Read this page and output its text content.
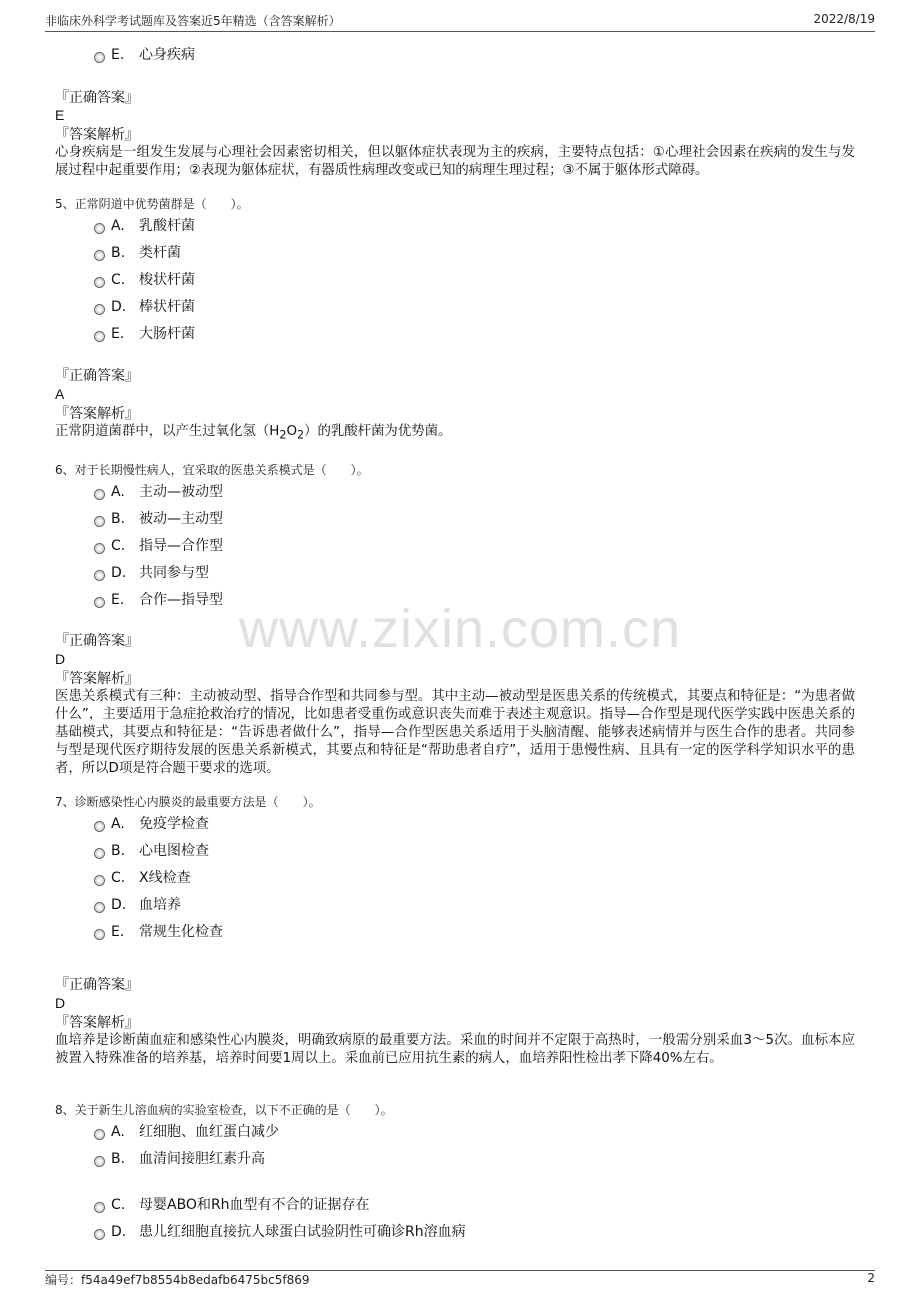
非临床外科学考试题库及答案近5年精选（含答案解析）	2022/8/19
www.zixin.com.cn
E. 心身疾病
『正确答案』
E
『答案解析』
心身疾病是一组发生发展与心理社会因素密切相关，但以躯体症状表现为主的疾病，主要特点包括：①心理社会因素在疾病的发生与发展过程中起重要作用；②表现为躯体症状，有器质性病理改变或已知的病理生理过程；③不属于躯体形式障碍。
5、正常阴道中优势菌群是（　　）。
A. 乳酸杆菌
B. 类杆菌
C. 梭状杆菌
D. 棒状杆菌
E. 大肠杆菌
『正确答案』
A
『答案解析』
正常阴道菌群中，以产生过氧化氢$(H_2O_2)$的乳酸杆菌为优势菌。
6、对于长期慢性病人，宜采取的医患关系模式是（　　）。
A. 主动—被动型
B. 被动—主动型
C. 指导—合作型
D. 共同参与型
E. 合作—指导型
『正确答案』
D
『答案解析』
医患关系模式有三种：主动被动型、指导合作型和共同参与型。其中主动—被动型是医患关系的传统模式，其要点和特征是：“为患者做什么”，主要适用于急症抢救治疗的情况，比如患者受重伤或意识丧失而难于表述主观意识。指导—合作型是现代医学实践中医患关系的基础模式，其要点和特征是：“告诉患者做什么”，指导—合作型医患关系适用于头脑清醒、能够表述病情并与医生合作的患者。共同参与型是现代医疗期待发展的医患关系新模式，其要点和特征是“帮助患者自疗”，适用于患慢性病、且具有一定的医学科学知识水平的患者，所以D项是符合题干要求的选项。
7、诊断感染性心内膜炎的最重要方法是（　　）。
A. 免疫学检查
B. 心电图检查
C. X线检查
D. 血培养
E. 常规生化检查
『正确答案』
D
『答案解析』
血培养是诊断菌血症和感染性心内膜炎，明确致病原的最重要方法。采血的时间并不定限于高热时，一般需分别采血3～5次。血标本应被置入特殊准备的培养基，培养时间要1周以上。采血前已应用抗生素的病人，血培养阳性检出孝下降40%左右。
8、关于新生儿溶血病的实验室检查，以下不正确的是（　　）。
A. 红细胞、血红蛋白减少
B. 血清间接胆红素升高
C. 母婴ABO和Rh血型有不合的证据存在
D. 患儿红细胞直接抗人球蛋白试验阴性可确诊Rh溶血病
编号：f54a49ef7b8554b8edafb6475bc5f869	2
